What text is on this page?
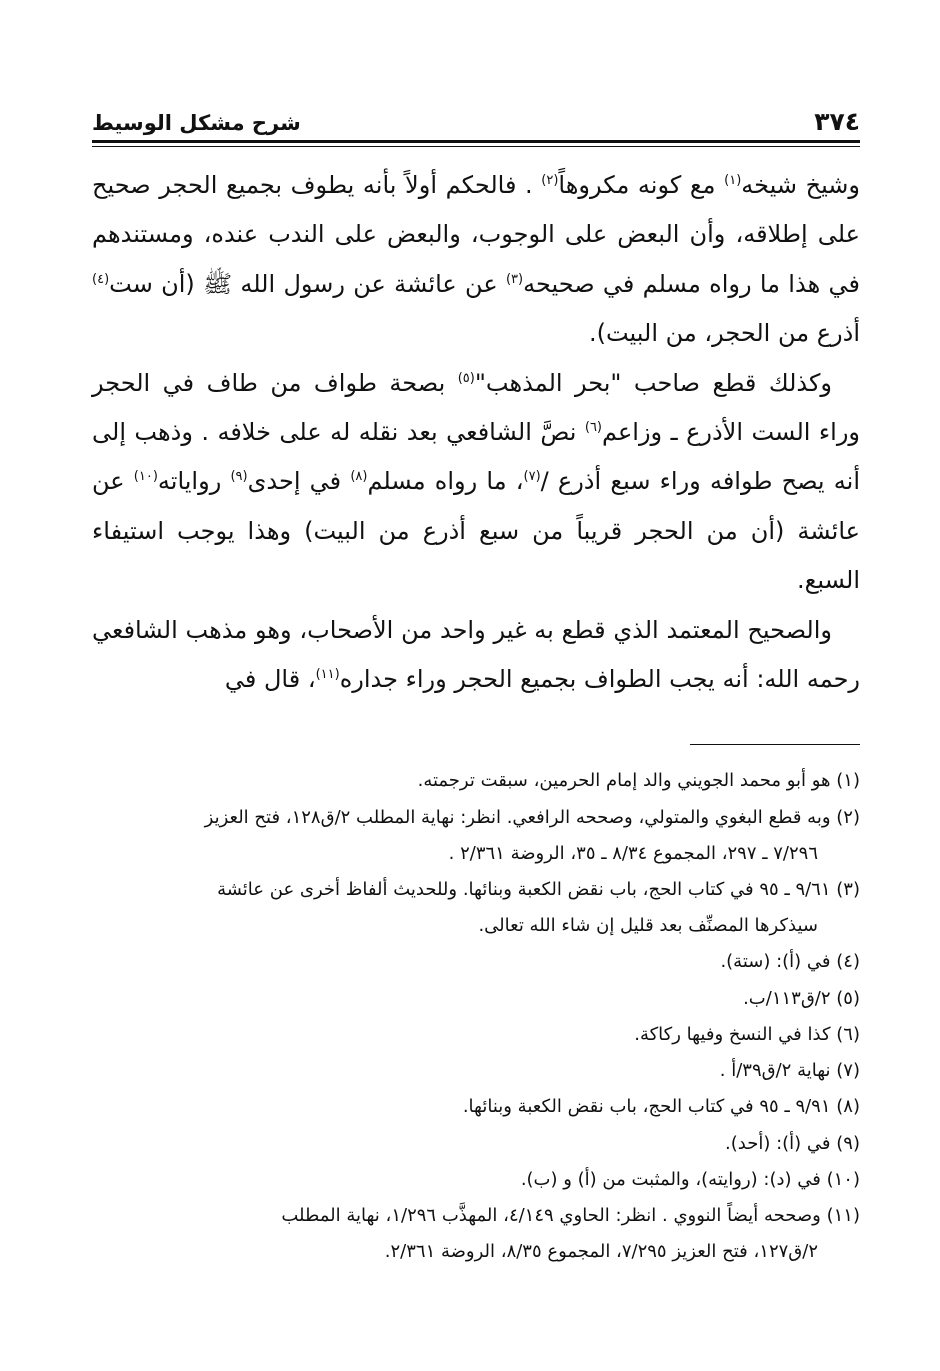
٣٧٤
شرح مشكل الوسيط

وشيخ شيخه$^{(١)}$ مع كونه مكروهاً$^{(٢)}$ . فالحكم أولاً بأنه يطوف بجميع الحجر صحيح على إطلاقه، وأن البعض على الوجوب، والبعض على الندب عنده، ومستندهم في هذا ما رواه مسلم في صحيحه$^{(٣)}$ عن عائشة عن رسول الله ﷺ (أن ست$^{(٤)}$ أذرع من الحجر، من البيت).

وكذلك قطع صاحب "بحر المذهب"$^{(٥)}$ بصحة طواف من طاف في الحجر وراء الست الأذرع ـ وزاعم$^{(٦)}$ نصَّ الشافعي بعد نقله له على خلافه . وذهب إلى أنه يصح طوافه وراء سبع أذرع /$^{(٧)}$، ما رواه مسلم$^{(٨)}$ في إحدى$^{(٩)}$ رواياته$^{(١٠)}$ عن عائشة (أن من الحجر قريباً من سبع أذرع من البيت) وهذا يوجب استيفاء السبع.

والصحيح المعتمد الذي قطع به غير واحد من الأصحاب، وهو مذهب الشافعي رحمه الله: أنه يجب الطواف بجميع الحجر وراء جداره$^{(١١)}$، قال في

(١) هو أبو محمد الجويني والد إمام الحرمين، سبقت ترجمته.

(٢) وبه قطع البغوي والمتولي، وصححه الرافعي. انظر: نهاية المطلب ٢/ق١٢٨، فتح العزيز
٧/٢٩٦ ـ ٢٩٧، المجموع ٨/٣٤ ـ ٣٥، الروضة ٢/٣٦١ .

(٣) ٩/٦١ ـ ٩٥ في كتاب الحج، باب نقض الكعبة وبنائها. وللحديث ألفاظ أخرى عن عائشة
سيذكرها المصنِّف بعد قليل إن شاء الله تعالى.

(٤) في (أ): (ستة).

(٥) ٢/ق١١٣/ب.

(٦) كذا في النسخ وفيها ركاكة.

(٧) نهاية ٢/ق٣٩/أ .

(٨) ٩/٩١ ـ ٩٥ في كتاب الحج، باب نقض الكعبة وبنائها.

(٩) في (أ): (أحد).

(١٠) في (د): (روايته)، والمثبت من (أ) و (ب).

(١١) وصححه أيضاً النووي . انظر: الحاوي ٤/١٤٩، المهذَّب ١/٢٩٦، نهاية المطلب
٢/ق١٢٧، فتح العزيز ٧/٢٩٥، المجموع ٨/٣٥، الروضة ٢/٣٦١.
